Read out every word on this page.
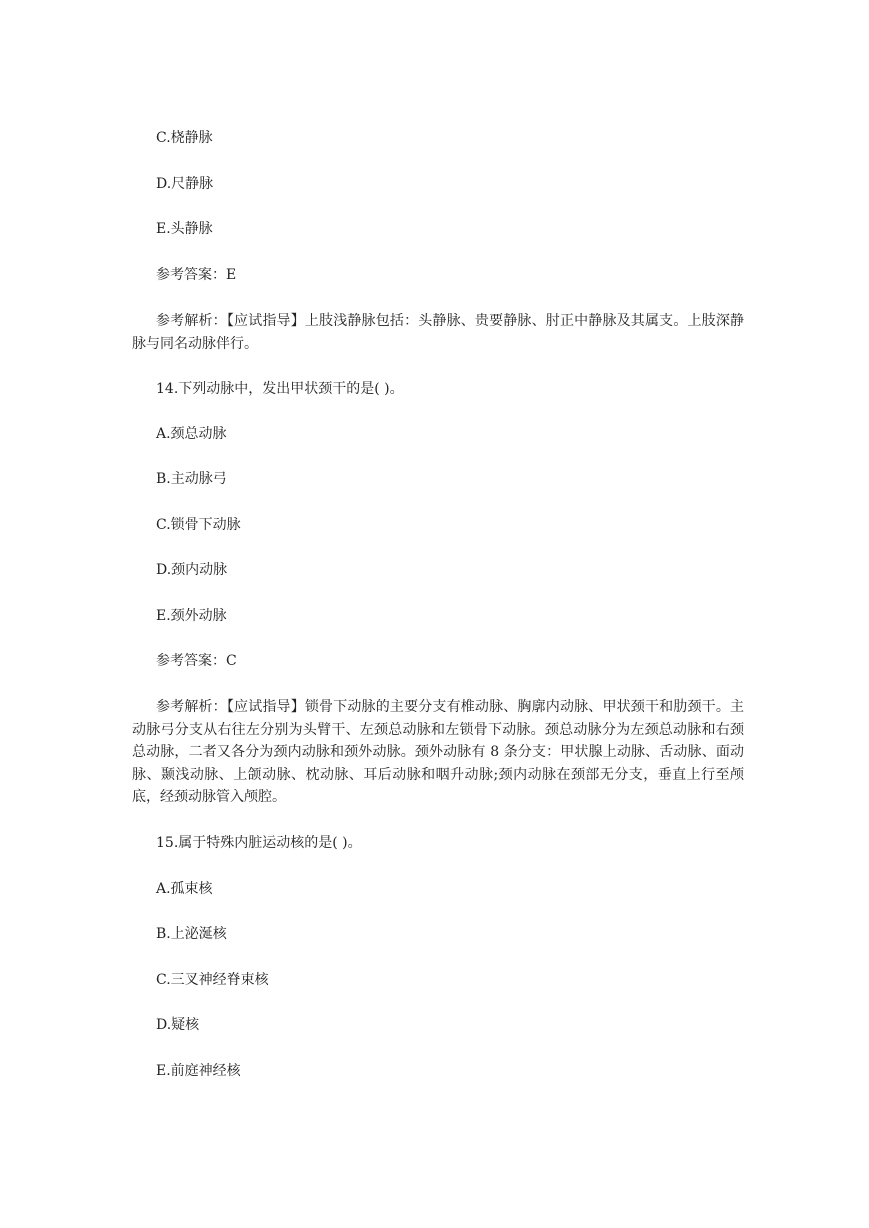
C.桡静脉
D.尺静脉
E.头静脉
参考答案：E
参考解析：【应试指导】上肢浅静脉包括：头静脉、贵要静脉、肘正中静脉及其属支。上肢深静脉与同名动脉伴行。
14.下列动脉中，发出甲状颈干的是( )。
A.颈总动脉
B.主动脉弓
C.锁骨下动脉
D.颈内动脉
E.颈外动脉
参考答案：C
参考解析：【应试指导】锁骨下动脉的主要分支有椎动脉、胸廓内动脉、甲状颈干和肋颈干。主动脉弓分支从右往左分别为头臂干、左颈总动脉和左锁骨下动脉。颈总动脉分为左颈总动脉和右颈总动脉，二者又各分为颈内动脉和颈外动脉。颈外动脉有 8 条分支：甲状腺上动脉、舌动脉、面动脉、颞浅动脉、上颌动脉、枕动脉、耳后动脉和咽升动脉;颈内动脉在颈部无分支，垂直上行至颅底，经颈动脉管入颅腔。
15.属于特殊内脏运动核的是( )。
A.孤束核
B.上泌涎核
C.三叉神经脊束核
D.疑核
E.前庭神经核
